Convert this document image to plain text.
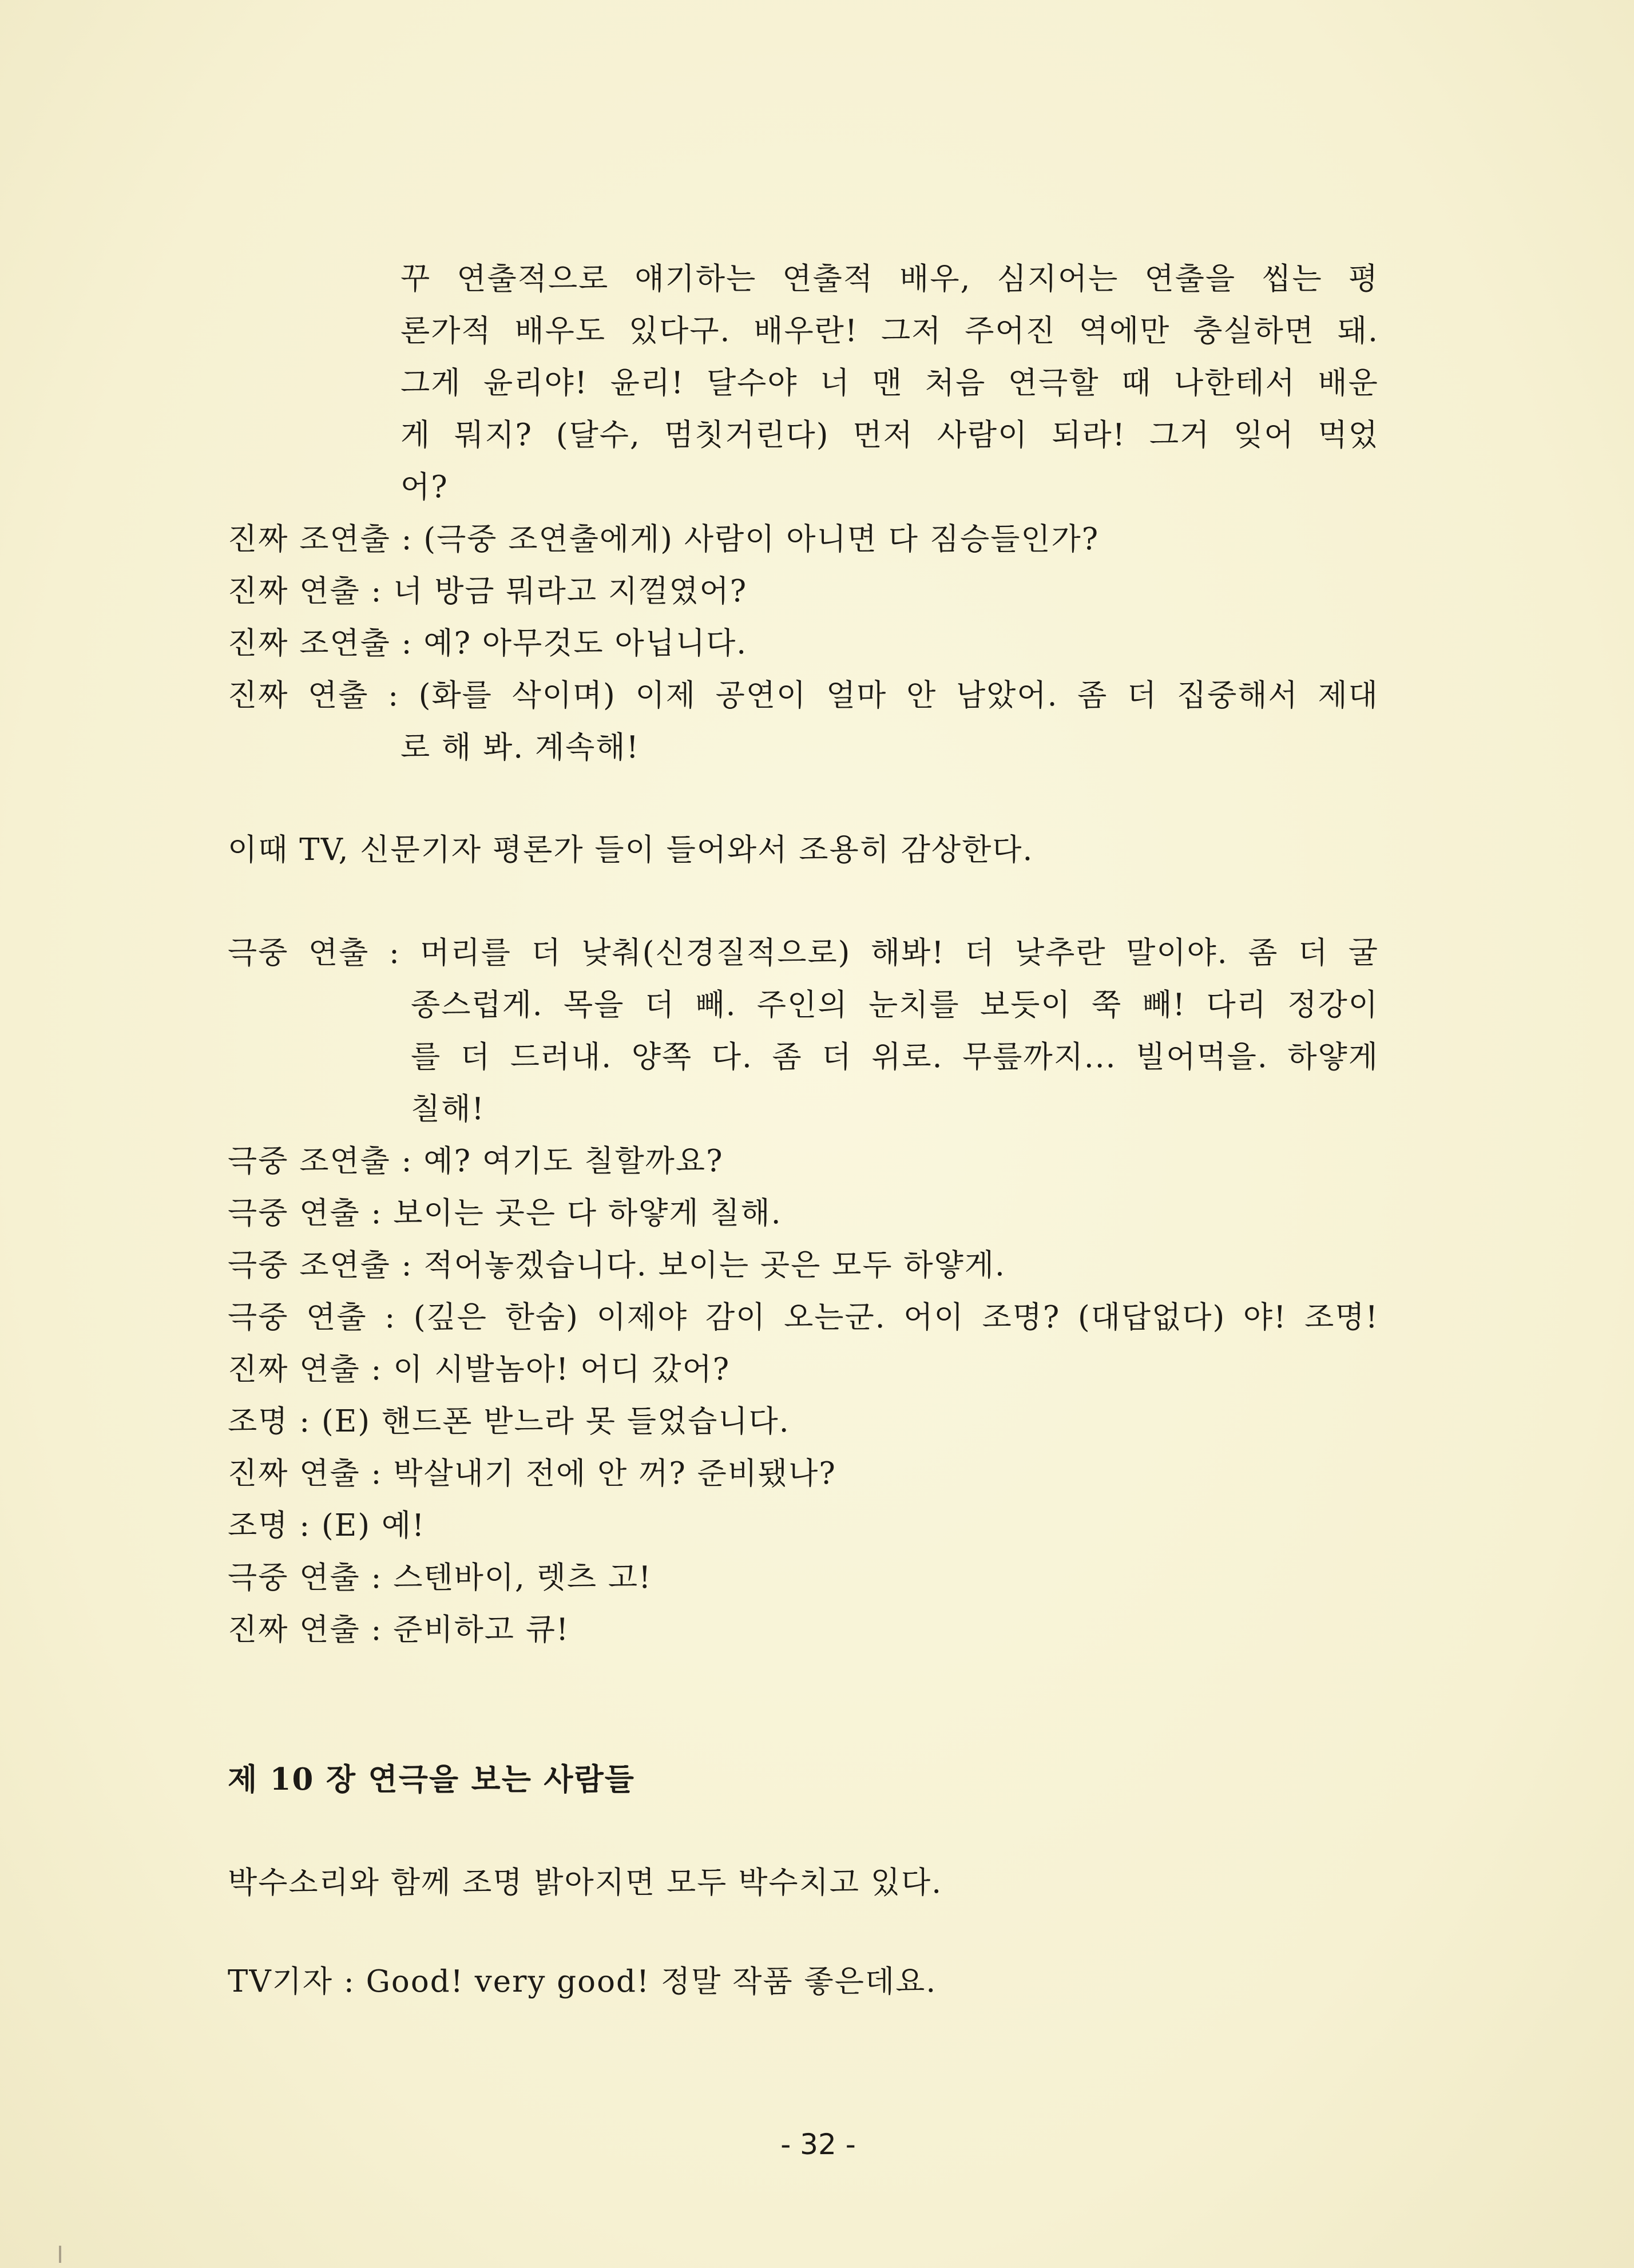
꾸 연출적으로 얘기하는 연출적 배우, 심지어는 연출을 씹는 평
론가적 배우도 있다구. 배우란! 그저 주어진 역에만 충실하면 돼.
그게 윤리야! 윤리! 달수야 너 맨 처음 연극할 때 나한테서 배운
게 뭐지? (달수, 멈칫거린다) 먼저 사람이 되라! 그거 잊어 먹었
어?
진짜 조연출 : (극중 조연출에게) 사람이 아니면 다 짐승들인가?
진짜 연출 : 너 방금 뭐라고 지껄였어?
진짜 조연출 : 예? 아무것도 아닙니다.
진짜 연출 : (화를 삭이며) 이제 공연이 얼마 안 남았어. 좀 더 집중해서 제대
로 해 봐. 계속해!
이때 TV, 신문기자 평론가 들이 들어와서 조용히 감상한다.
극중 연출 : 머리를 더 낮춰(신경질적으로) 해봐! 더 낮추란 말이야. 좀 더 굴
종스럽게. 목을 더 빼. 주인의 눈치를 보듯이 쭉 빼! 다리 정강이
를 더 드러내. 양쪽 다. 좀 더 위로. 무릎까지... 빌어먹을. 하얗게
칠해!
극중 조연출 : 예? 여기도 칠할까요?
극중 연출 : 보이는 곳은 다 하얗게 칠해.
극중 조연출 : 적어놓겠습니다. 보이는 곳은 모두 하얗게.
극중 연출 : (깊은 한숨) 이제야 감이 오는군. 어이 조명? (대답없다) 야! 조명!
진짜 연출 : 이 시발놈아! 어디 갔어?
조명 : (E) 핸드폰 받느라 못 들었습니다.
진짜 연출 : 박살내기 전에 안 꺼? 준비됐나?
조명 : (E) 예!
극중 연출 : 스텐바이, 렛츠 고!
진짜 연출 : 준비하고 큐!
제 10 장 연극을 보는 사람들
박수소리와 함께 조명 밝아지면 모두 박수치고 있다.
TV기자 : Good! very good! 정말 작품 좋은데요.
- 32 -
